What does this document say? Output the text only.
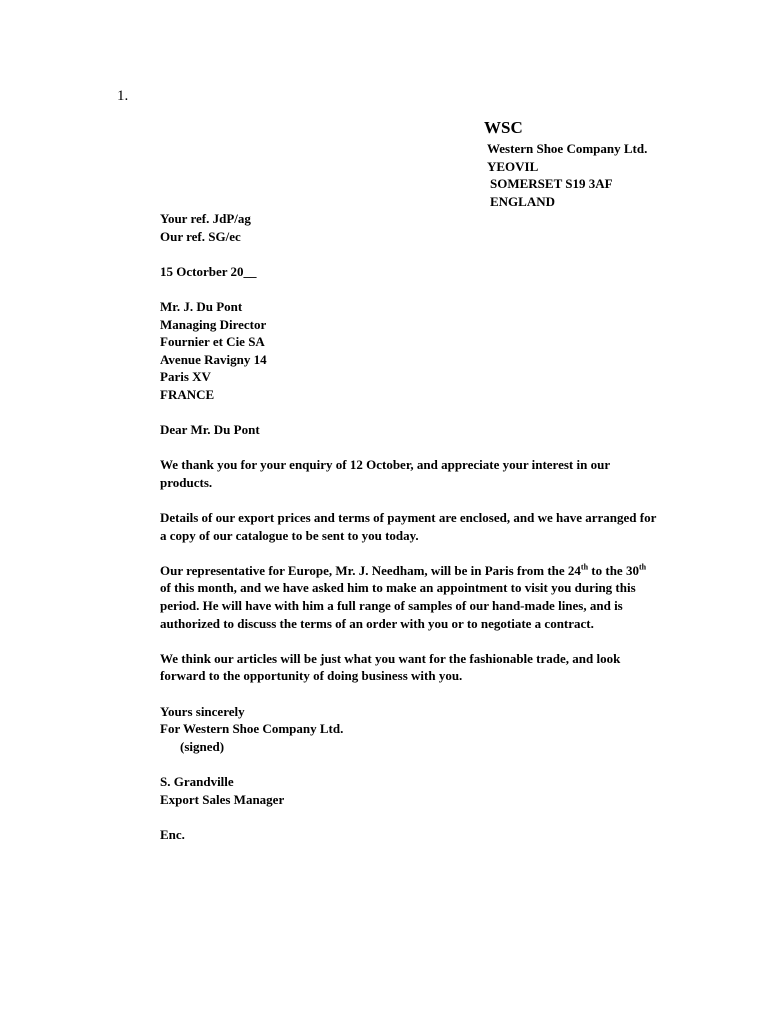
1.
WSC
Western Shoe Company Ltd.
YEOVIL
SOMERSET S19 3AF
ENGLAND

Your ref. JdP/ag
Our ref. SG/ec

15 Octorber 20__

Mr. J. Du Pont
Managing Director
Fournier et Cie SA
Avenue Ravigny 14
Paris XV
FRANCE

Dear Mr. Du Pont

We thank you for your enquiry of 12 October, and appreciate your interest in our products.

Details of our export prices and terms of payment are enclosed, and we have arranged for a copy of our catalogue to be sent to you today.

Our representative for Europe, Mr. J. Needham, will be in Paris from the 24th to the 30th of this month, and we have asked him to make an appointment to visit you during this period. He will have with him a full range of samples of our hand-made lines, and is authorized to discuss the terms of an order with you or to negotiate a contract.

We think our articles will be just what you want for the fashionable trade, and look forward to the opportunity of doing business with you.

Yours sincerely
For Western Shoe Company Ltd.
(signed)

S. Grandville
Export Sales Manager

Enc.
